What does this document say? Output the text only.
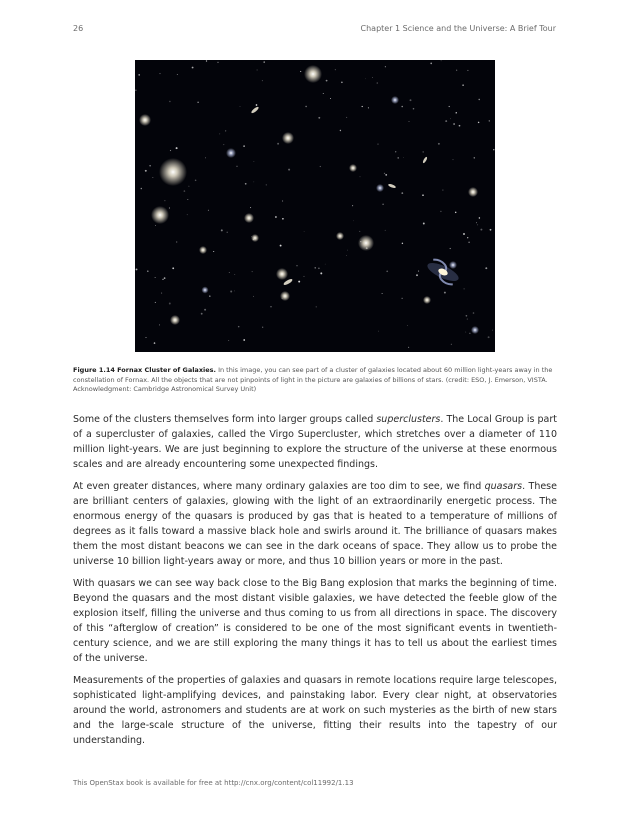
26	Chapter 1 Science and the Universe: A Brief Tour
Figure 1.14 Fornax Cluster of Galaxies. In this image, you can see part of a cluster of galaxies located about 60 million light-years away in the constellation of Fornax. All the objects that are not pinpoints of light in the picture are galaxies of billions of stars. (credit: ESO, J. Emerson, VISTA. Acknowledgment: Cambridge Astronomical Survey Unit)

Some of the clusters themselves form into larger groups called superclusters. The Local Group is part of a supercluster of galaxies, called the Virgo Supercluster, which stretches over a diameter of 110 million light-years. We are just beginning to explore the structure of the universe at these enormous scales and are already encountering some unexpected findings.

At even greater distances, where many ordinary galaxies are too dim to see, we find quasars. These are brilliant centers of galaxies, glowing with the light of an extraordinarily energetic process. The enormous energy of the quasars is produced by gas that is heated to a temperature of millions of degrees as it falls toward a massive black hole and swirls around it. The brilliance of quasars makes them the most distant beacons we can see in the dark oceans of space. They allow us to probe the universe 10 billion light-years away or more, and thus 10 billion years or more in the past.

With quasars we can see way back close to the Big Bang explosion that marks the beginning of time. Beyond the quasars and the most distant visible galaxies, we have detected the feeble glow of the explosion itself, filling the universe and thus coming to us from all directions in space. The discovery of this “afterglow of creation” is considered to be one of the most significant events in twentieth-century science, and we are still exploring the many things it has to tell us about the earliest times of the universe.

Measurements of the properties of galaxies and quasars in remote locations require large telescopes, sophisticated light-amplifying devices, and painstaking labor. Every clear night, at observatories around the world, astronomers and students are at work on such mysteries as the birth of new stars and the large-scale structure of the universe, fitting their results into the tapestry of our understanding.

This OpenStax book is available for free at http://cnx.org/content/col11992/1.13
